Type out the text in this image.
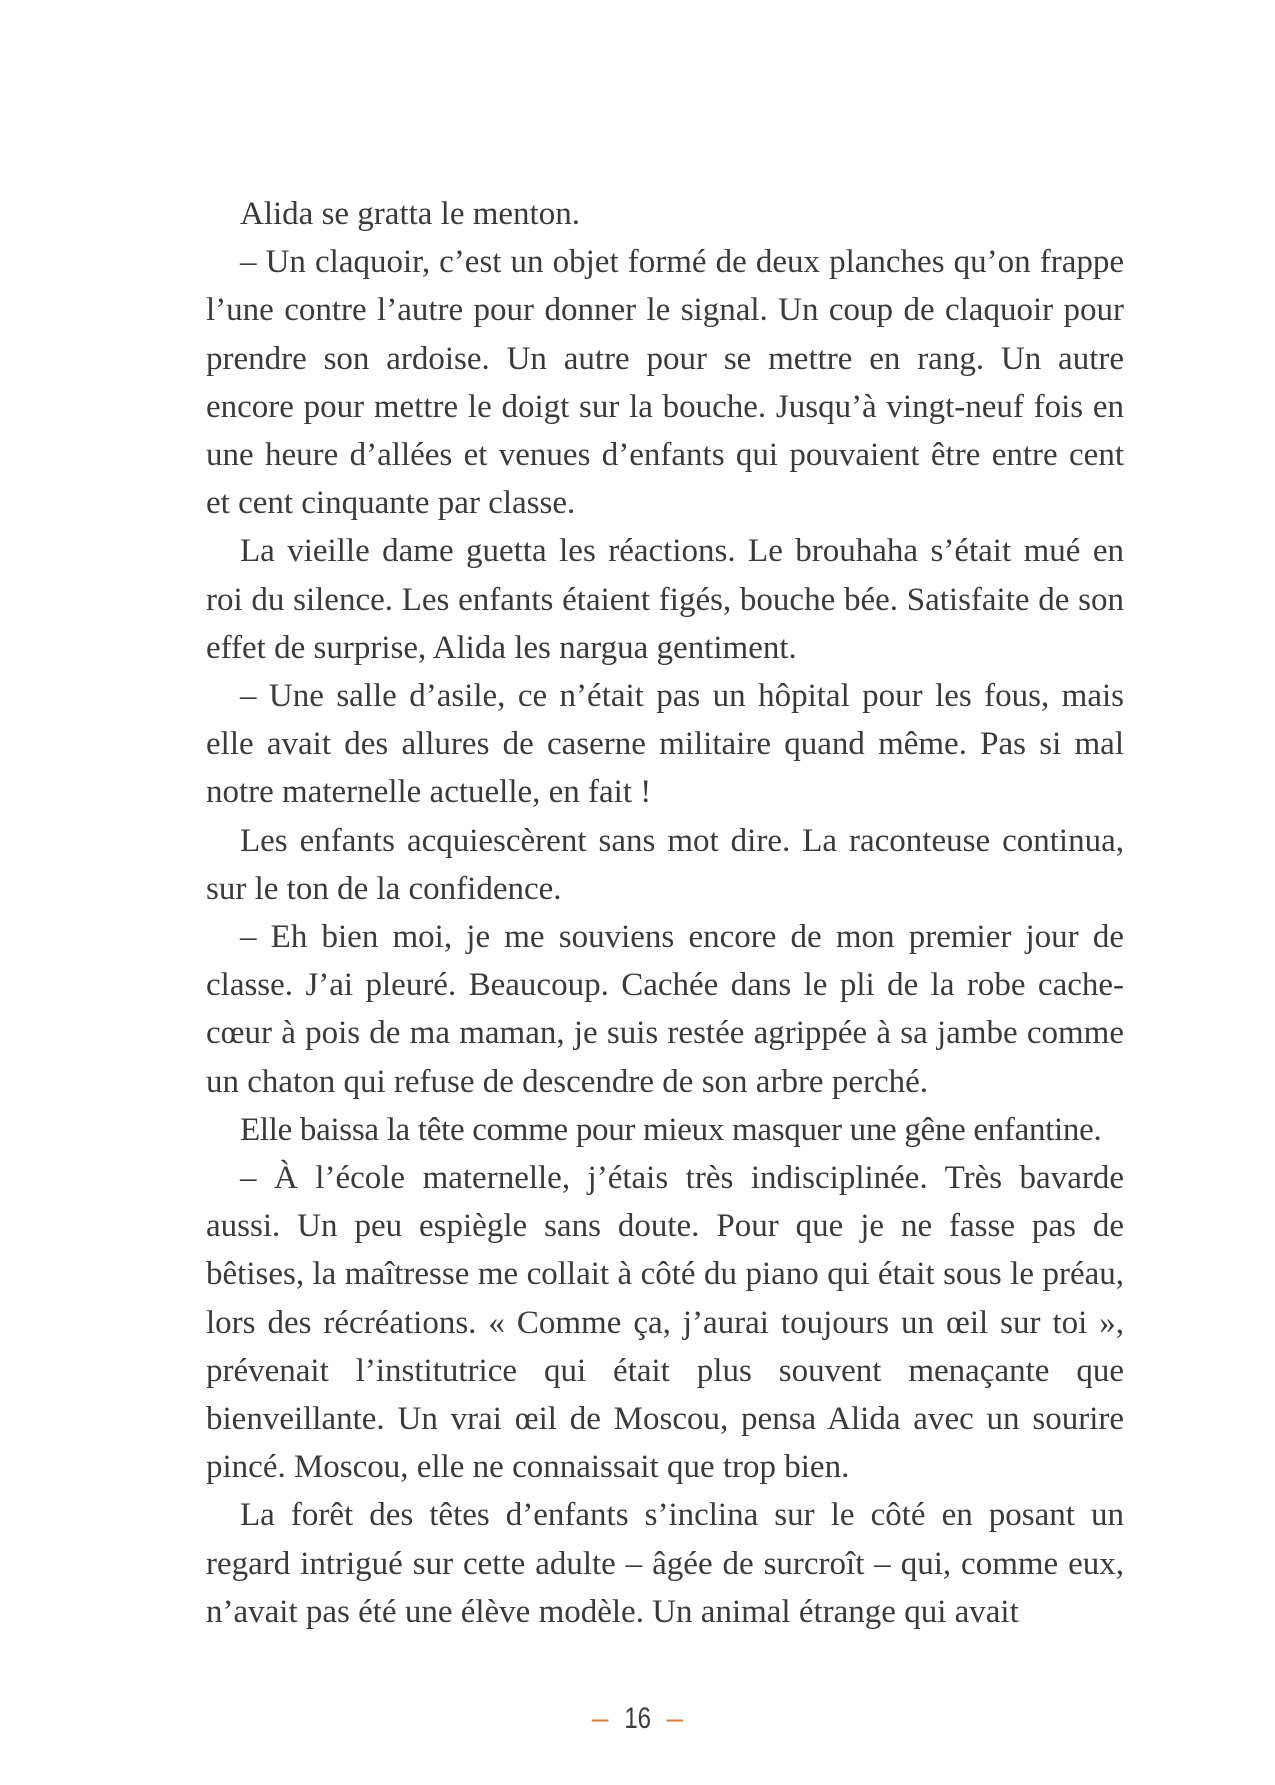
Alida se gratta le menton.

– Un claquoir, c’est un objet formé de deux planches qu’on frappe l’une contre l’autre pour donner le signal. Un coup de claquoir pour prendre son ardoise. Un autre pour se mettre en rang. Un autre encore pour mettre le doigt sur la bouche. Jusqu’à vingt-neuf fois en une heure d’allées et venues d’enfants qui pouvaient être entre cent et cent cinquante par classe.

La vieille dame guetta les réactions. Le brouhaha s’était mué en roi du silence. Les enfants étaient figés, bouche bée. Satisfaite de son effet de surprise, Alida les nargua gentiment.

– Une salle d’asile, ce n’était pas un hôpital pour les fous, mais elle avait des allures de caserne militaire quand même. Pas si mal notre maternelle actuelle, en fait !

Les enfants acquiescèrent sans mot dire. La raconteuse continua, sur le ton de la confidence.

– Eh bien moi, je me souviens encore de mon premier jour de classe. J’ai pleuré. Beaucoup. Cachée dans le pli de la robe cache-cœur à pois de ma maman, je suis restée agrippée à sa jambe comme un chaton qui refuse de descendre de son arbre perché.

Elle baissa la tête comme pour mieux masquer une gêne enfantine.

– À l’école maternelle, j’étais très indisciplinée. Très bavarde aussi. Un peu espiègle sans doute. Pour que je ne fasse pas de bêtises, la maîtresse me collait à côté du piano qui était sous le préau, lors des récréations. « Comme ça, j’aurai toujours un œil sur toi », prévenait l’institutrice qui était plus souvent menaçante que bienveillante. Un vrai œil de Moscou, pensa Alida avec un sourire pincé. Moscou, elle ne connaissait que trop bien.

La forêt des têtes d’enfants s’inclina sur le côté en posant un regard intrigué sur cette adulte – âgée de surcroît – qui, comme eux, n’avait pas été une élève modèle. Un animal étrange qui avait

– 16 –
